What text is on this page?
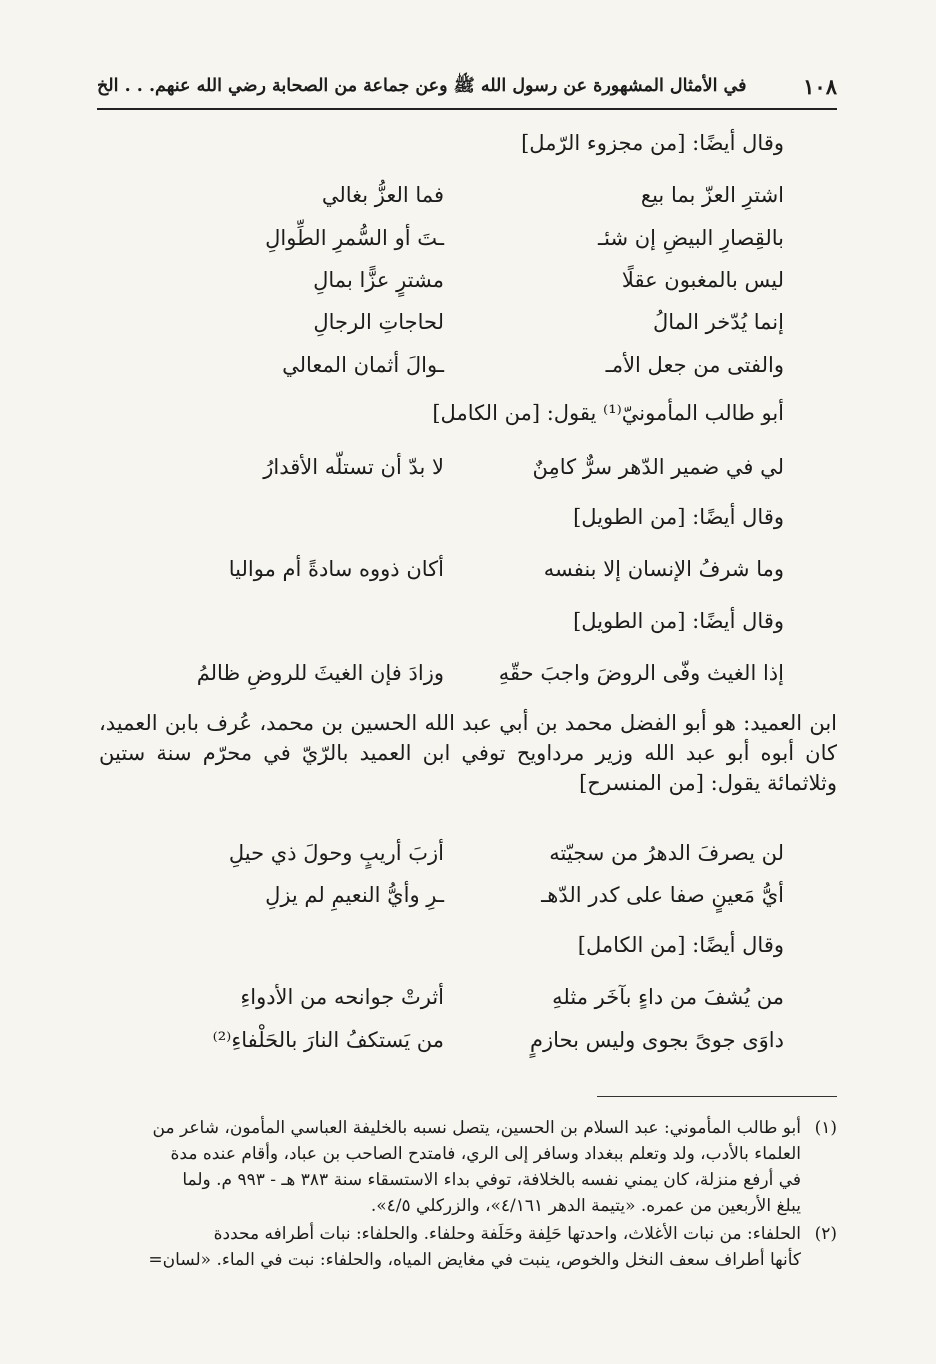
١٠٨
في الأمثال المشهورة عن رسول الله ﷺ وعن جماعة من الصحابة رضي الله عنهم. . . الخ
وقال أيضًا: [من مجزوء الرّمل]
اشترِ العزّ بما بيع
فما العزُّ بغالي
بالقِصارِ البيضِ إن شئـ
ـتَ أو السُّمرِ الطِّوالِ
ليس بالمغبون عقلًا
مشترٍ عزًّا بمالِ
إنما يُدّخر المالُ
لحاجاتِ الرجالِ
والفتى من جعل الأمـ
ـوالَ أثمان المعالي
أبو طالب المأمونيّ⁽¹⁾ يقول: [من الكامل]
لي في ضمير الدّهر سرٌّ كامِنٌ
لا بدّ أن تستلّه الأقدارُ
وقال أيضًا: [من الطويل]
وما شرفُ الإنسان إلا بنفسه
أكان ذووه سادةً أم مواليا
وقال أيضًا: [من الطويل]
إذا الغيث وفّى الروضَ واجبَ حقّهِ
وزادَ فإن الغيثَ للروضِ ظالمُ
ابن العميد: هو أبو الفضل محمد بن أبي عبد الله الحسين بن محمد، عُرف بابن العميد، كان أبوه أبو عبد الله وزير مرداويح توفي ابن العميد بالرّيّ في محرّم سنة ستين وثلاثمائة يقول: [من المنسرح]
لن يصرفَ الدهرُ من سجيّته
أزبَ أريبٍ وحولَ ذي حيلِ
أيُّ مَعينٍ صفا على كدر الدّهـ
ـرِ وأيُّ النعيمِ لم يزلِ
وقال أيضًا: [من الكامل]
من يُشفَ من داءٍ بآخَر مثلهِ
أثرتْ جوانحه من الأدواءِ
داوَى جوىً بجوى وليس بحازمٍ
من يَستكفُ النارَ بالحَلْفاءِ⁽²⁾
(١)
أبو طالب المأموني: عبد السلام بن الحسين، يتصل نسبه بالخليفة العباسي المأمون، شاعر من
العلماء بالأدب، ولد وتعلم ببغداد وسافر إلى الري، فامتدح الصاحب بن عباد، وأقام عنده مدة
في أرفع منزلة، كان يمني نفسه بالخلافة، توفي بداء الاستسقاء سنة ٣٨٣ هـ - ٩٩٣ م. ولما
يبلغ الأربعين من عمره. «يتيمة الدهر ٤/١٦١»، والزركلي ٤/٥».
(٢)
الحلفاء: من نبات الأغلاث، واحدتها حَلِفة وحَلَفة وحلفاء. والحلفاء: نبات أطرافه محددة
كأنها أطراف سعف النخل والخوص، ينبت في مغايض المياه، والحلفاء: نبت في الماء. «لسان=
